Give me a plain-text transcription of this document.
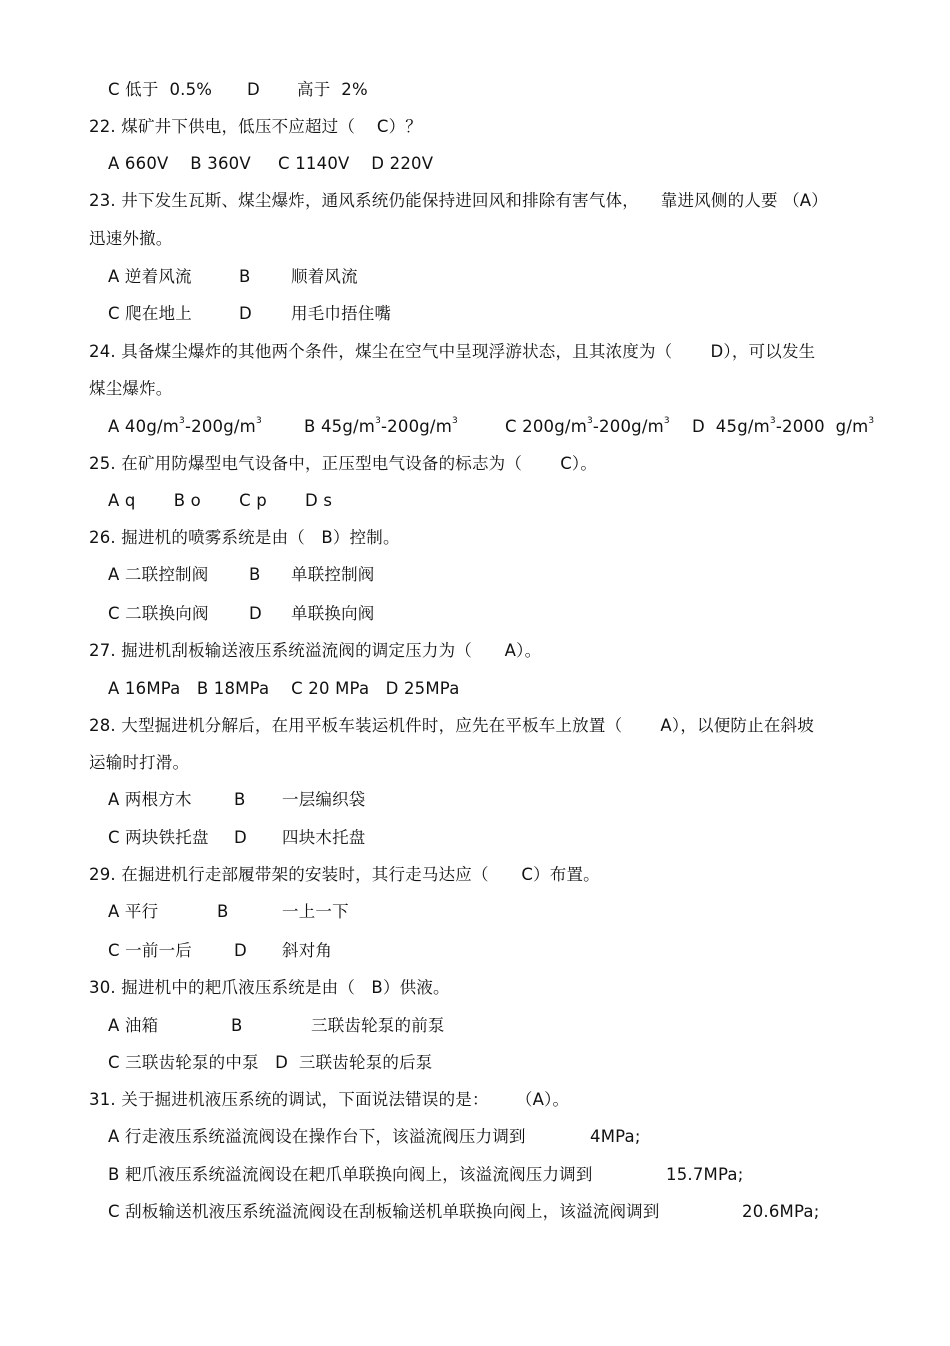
C 低于  0.5% D 高于  2%
22. 煤矿井下供电，低压不应超过（    C）？
A 660V    B 360V     C 1140V    D 220V
23. 井下发生瓦斯、煤尘爆炸，通风系统仍能保持进回风和排除有害气体，    靠进风侧的人要 （A）
迅速外撤。
A 逆着风流	B 顺着风流
C 爬在地上	D 用毛巾捂住嘴
24. 具备煤尘爆炸的其他两个条件，煤尘在空气中呈现浮游状态，且其浓度为（       D），可以发生
煤尘爆炸。
A $40g/m^3-200g/m^3$	B $45g/m^3-200g/m^3$	C $200g/m^3-200g/m^3$ D  $45g/m^3-2000$  $g/m^3$
25. 在矿用防爆型电气设备中，正压型电气设备的标志为（       C）。
A q       B o       C p       D s
26. 掘进机的喷雾系统是由（   B）控制。
A 二联控制阀 B 单联控制阀
C 二联换向阀 D 单联换向阀
27. 掘进机刮板输送液压系统溢流阀的调定压力为（      A）。
A 16MPa   B 18MPa    C 20 MPa   D 25MPa
28. 大型掘进机分解后，在用平板车装运机件时，应先在平板车上放置（       A），以便防止在斜坡
运输时打滑。
A 两根方木	B 一层编织袋
C 两块铁托盘 D 四块木托盘
29. 在掘进机行走部履带架的安装时，其行走马达应（      C）布置。
A 平行	B	一上一下
C 一前一后	D 斜对角
30. 掘进机中的耙爪液压系统是由（   B）供液。
A 油箱	B	三联齿轮泵的前泵
C 三联齿轮泵的中泵   D  三联齿轮泵的后泵
31. 关于掘进机液压系统的调试，下面说法错误的是：     （A）。
A 行走液压系统溢流阀设在操作台下，该溢流阀压力调到	4MPa;
B 耙爪液压系统溢流阀设在耙爪单联换向阀上，该溢流阀压力调到	15.7MPa;
C 刮板输送机液压系统溢流阀设在刮板输送机单联换向阀上，该溢流阀调到	20.6MPa;
